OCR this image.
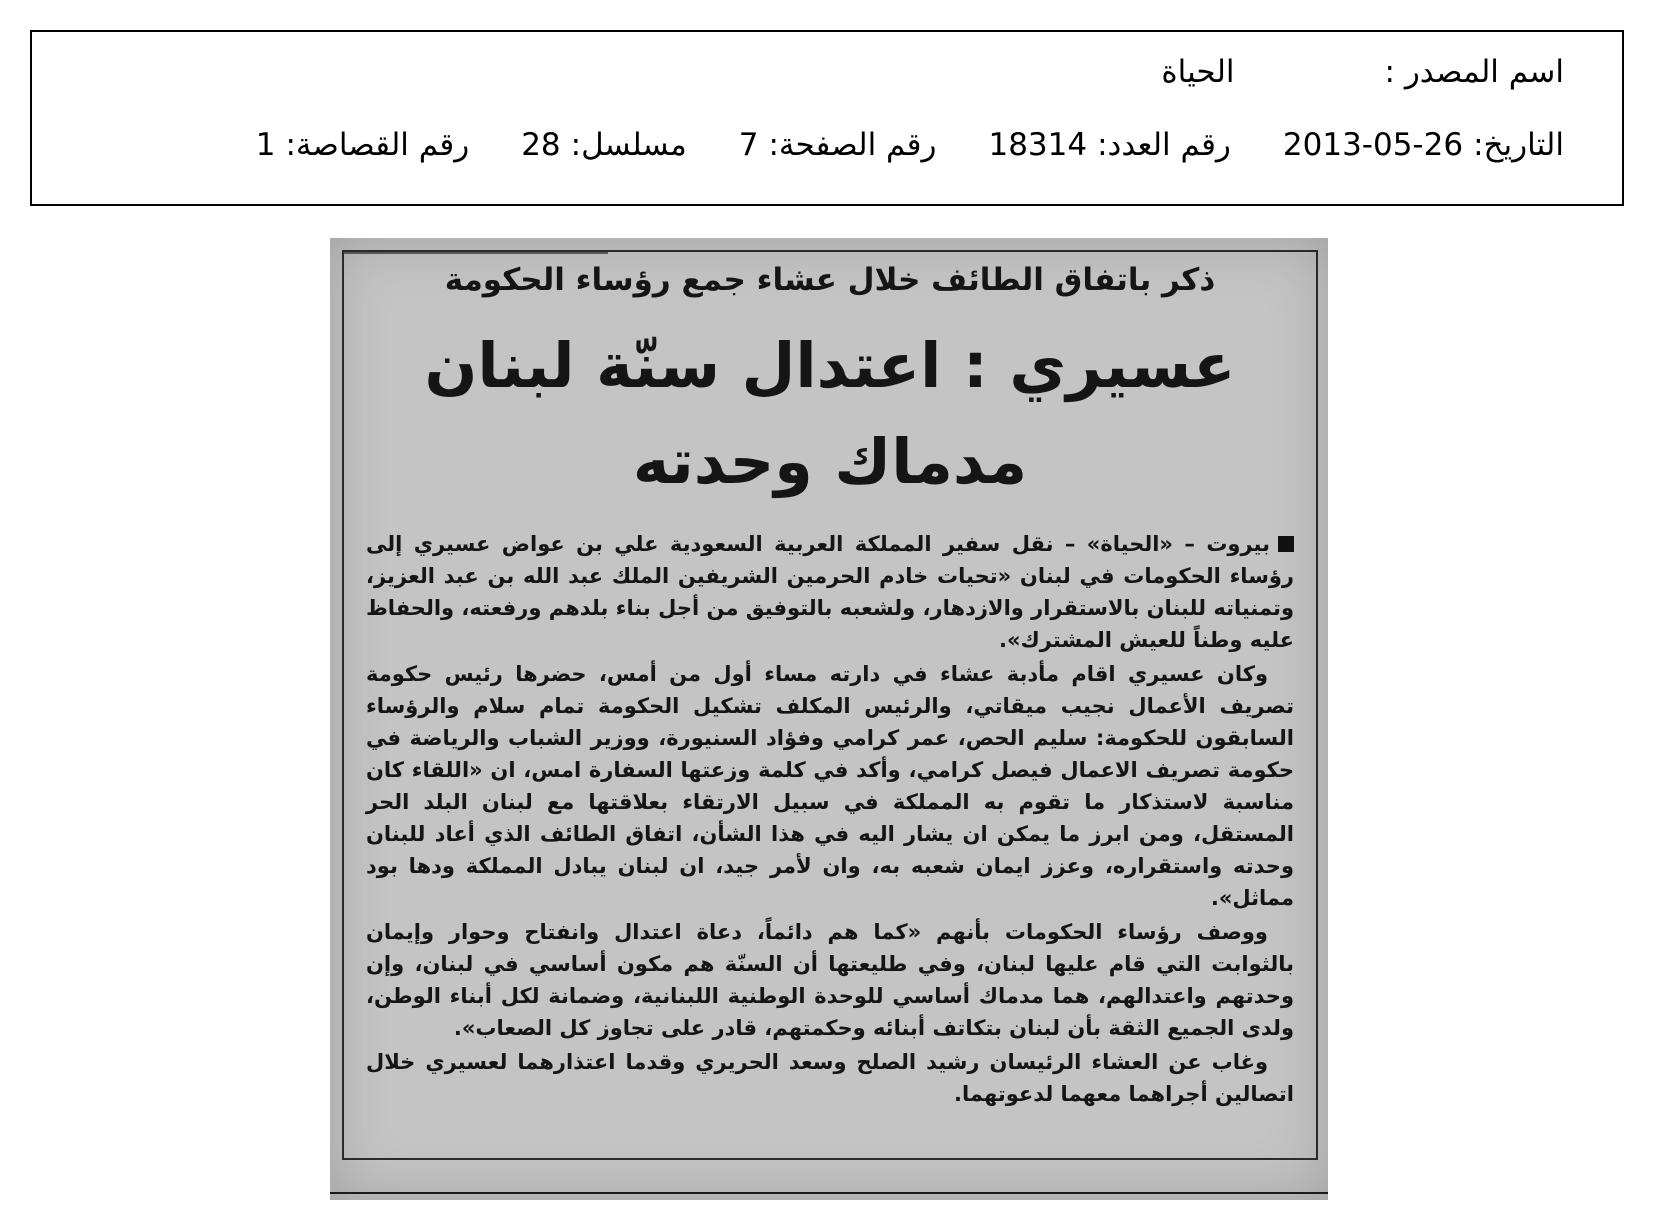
اسم المصدر :
الحياة
التاريخ:
2013-05-26
رقم العدد:
18314
رقم الصفحة:
7
مسلسل:
28
رقم القصاصة:
1
ذكر باتفاق الطائف خلال عشاء جمع رؤساء الحكومة
عسيري : اعتدال سنّة لبنان مدماك وحدته

بيروت – «الحياة» – نقل سفير المملكة العربية السعودية علي بن عواض عسيري إلى رؤساء الحكومات في لبنان «تحيات خادم الحرمين الشريفين الملك عبد الله بن عبد العزيز، وتمنياته للبنان بالاستقرار والازدهار، ولشعبه بالتوفيق من أجل بناء بلدهم ورفعته، والحفاظ عليه وطناً للعيش المشترك».

وكان عسيري اقام مأدبة عشاء في دارته مساء أول من أمس، حضرها رئيس حكومة تصريف الأعمال نجيب ميقاتي، والرئيس المكلف تشكيل الحكومة تمام سلام والرؤساء السابقون للحكومة: سليم الحص، عمر كرامي وفؤاد السنيورة، ووزير الشباب والرياضة في حكومة تصريف الاعمال فيصل كرامي، وأكد في كلمة وزعتها السفارة امس، ان «اللقاء كان مناسبة لاستذكار ما تقوم به المملكة في سبيل الارتقاء بعلاقتها مع لبنان البلد الحر المستقل، ومن ابرز ما يمكن ان يشار اليه في هذا الشأن، اتفاق الطائف الذي أعاد للبنان وحدته واستقراره، وعزز ايمان شعبه به، وان لأمر جيد، ان لبنان يبادل المملكة ودها بود مماثل».

ووصف رؤساء الحكومات بأنهم «كما هم دائماً، دعاة اعتدال وانفتاح وحوار وإيمان بالثوابت التي قام عليها لبنان، وفي طليعتها أن السنّة هم مكون أساسي في لبنان، وإن وحدتهم واعتدالهم، هما مدماك أساسي للوحدة الوطنية اللبنانية، وضمانة لكل أبناء الوطن، ولدى الجميع الثقة بأن لبنان بتكاتف أبنائه وحكمتهم، قادر على تجاوز كل الصعاب».

وغاب عن العشاء الرئيسان رشيد الصلح وسعد الحريري وقدما اعتذارهما لعسيري خلال اتصالين أجراهما معهما لدعوتهما.
